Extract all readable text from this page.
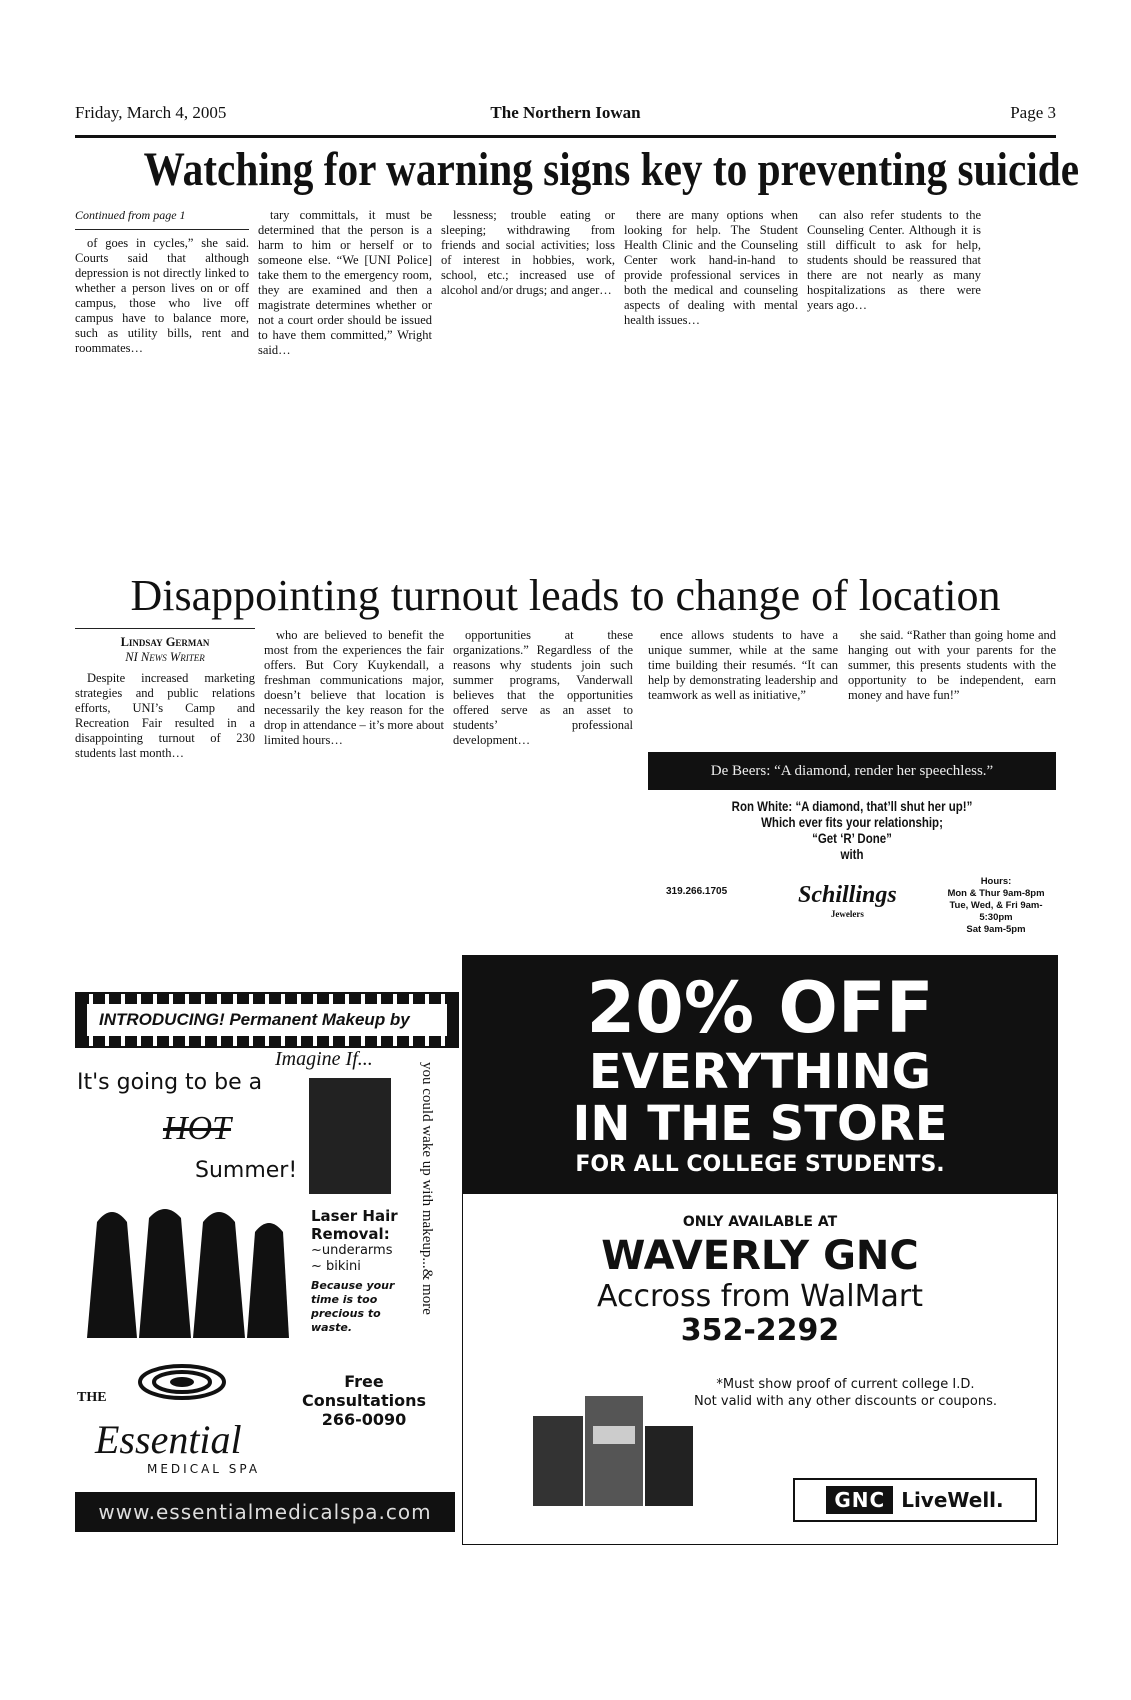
Friday, March 4, 2005	The Northern Iowan	Page 3
Watching for warning signs key to preventing suicide

Continued from page 1

of goes in cycles,” she said. Courts said that although depression is not directly linked to whether a person lives on or off campus, those who live off campus have to balance more, such as utility bills, rent and roommates…

tary committals, it must be determined that the person is a harm to him or herself or to someone else. “We [UNI Police] take them to the emergency room, they are examined and then a magistrate determines whether or not a court order should be issued to have them committed,” Wright said…

lessness; trouble eating or sleeping; withdrawing from friends and social activities; loss of interest in hobbies, work, school, etc.; increased use of alcohol and/or drugs; and anger…

there are many options when looking for help. The Student Health Clinic and the Counseling Center work hand-in-hand to provide professional services in both the medical and counseling aspects of dealing with mental health issues…

can also refer students to the Counseling Center. Although it is still difficult to ask for help, students should be reassured that there are not nearly as many hospitalizations as there were years ago…

Disappointing turnout leads to change of location

Lindsay German

NI News Writer

Despite increased marketing strategies and public relations efforts, UNI’s Camp and Recreation Fair resulted in a disappointing turnout of 230 students last month…

who are believed to benefit the most from the experiences the fair offers. But Cory Kuykendall, a freshman communications major, doesn’t believe that location is necessarily the key reason for the drop in attendance – it’s more about limited hours…

opportunities at these organizations.” Regardless of the reasons why students join such summer programs, Vanderwall believes that the opportunities offered serve as an asset to students’ professional development…

ence allows students to have a unique summer, while at the same time building their resumés. “It can help by demonstrating leadership and teamwork as well as initiative,”

she said. “Rather than going home and hanging out with your parents for the summer, this presents students with the opportunity to be independent, earn money and have fun!”

De Beers: “A diamond, render her speechless.”
Ron White: “A diamond, that’ll shut her up!”
Which ever fits your relationship;
“Get ‘R’ Done”
with
319.266.1705	Schillings
Jewelers
Hours:
Mon & Thur 9am-8pm
Tue, Wed, & Fri 9am-5:30pm
Sat 9am-5pm
20% OFF
EVERYTHING
IN THE STORE
FOR ALL COLLEGE STUDENTS.
ONLY AVAILABLE AT
WAVERLY GNC
Accross from WalMart
352-2292
*Must show proof of current college I.D.
Not valid with any other discounts or coupons.
GNC LiveWell.
INTRODUCING! Permanent Makeup by
Imagine If...
It's going to be a
HOT
Summer!	you could wake up with makeup...& more
Laser Hair Removal:
~underarms
~ bikini
Because your time is too precious to waste.
Free Consultations
266-0090
THE
Essential
MEDICAL SPA
www.essentialmedicalspa.com
